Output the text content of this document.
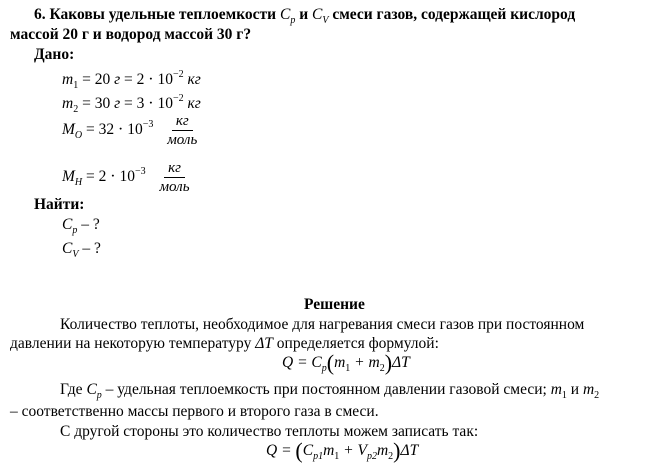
6. Каковы удельные теплоемкости $C_p$ и $C_V$ смеси газов, содержащей кислород
массой 20 г и водород массой 30 г?
Дано:
$m_1 = 20$ $г = 2 \cdot 10^{-2}$ кг
$m_2 = 30$ $г = 3 \cdot 10^{-2}$ кг
$M_O = 32 \cdot 10^{-3} \frac{кг}{\text{моль}}$
$M_H = 2 \cdot 10^{-3} \frac{кг}{\text{моль}}$
Найти:
$C_p$ – ?
$C_V$ – ?
Решение
Количество теплоты, необходимое для нагревания смеси газов при постоянном
давлении на некоторую температуру ΔT определяется формулой:
$Q = C_p(m_1 + m_2)\Delta T$
Где $C_p$ – удельная теплоемкость при постоянном давлении газовой смеси; $m_1$ и $m_2$
– соответственно массы первого и второго газа в смеси.
С другой стороны это количество теплоты можем записать так:
$Q = (C_{p1}m_1 + V_{p2}m_2)\Delta T$
